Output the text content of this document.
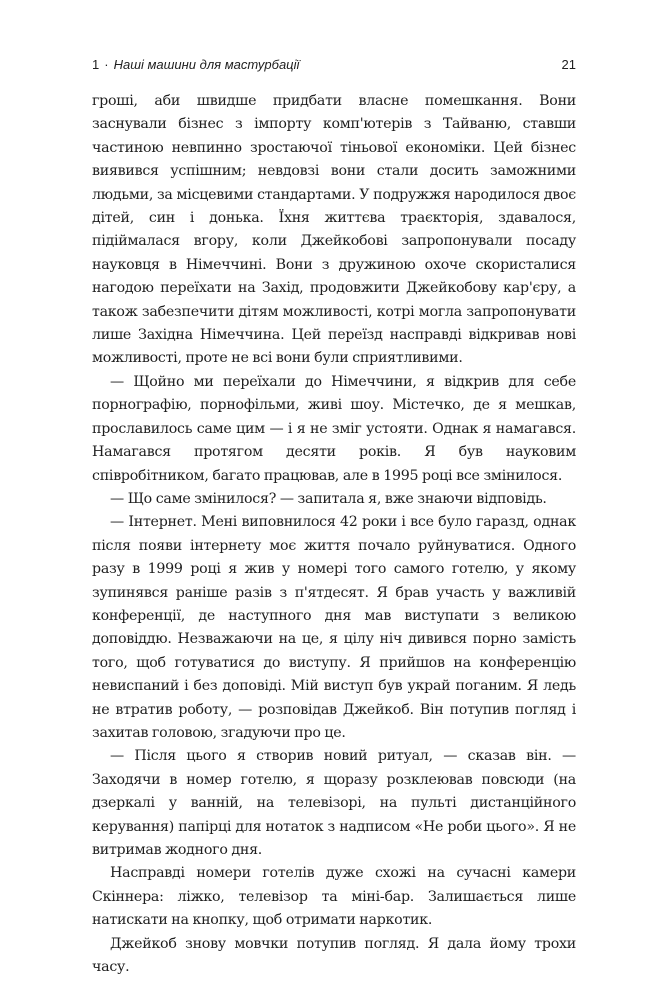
1 · Наші машини для мастурбації	21

гроші, аби швидше придбати власне помешкання. Вони заснували бізнес з імпорту комп'ютерів з Тайваню, ставши частиною невпинно зростаючої тіньової економіки. Цей бізнес виявився успішним; невдовзі вони стали досить заможними людьми, за місцевими стандартами. У подружжя народилося двоє дітей, син і донька. Їхня життєва траєкторія, здавалося, підіймалася вгору, коли Джейкобові запропонували посаду науковця в Німеччині. Вони з дружиною охоче скористалися нагодою переїхати на Захід, продовжити Джейкобову кар'єру, а також забезпечити дітям можливості, котрі могла запропонувати лише Західна Німеччина. Цей переїзд насправді відкривав нові можливості, проте не всі вони були сприятливими.

— Щойно ми переїхали до Німеччини, я відкрив для себе порнографію, порнофільми, живі шоу. Містечко, де я мешкав, прославилось саме цим — і я не зміг устояти. Однак я намагався. Намагався протягом десяти років. Я був науковим співробітником, багато працював, але в 1995 році все змінилося.

— Що саме змінилося? — запитала я, вже знаючи відповідь.

— Інтернет. Мені виповнилося 42 роки і все було гаразд, однак після появи інтернету моє життя почало руйнуватися. Одного разу в 1999 році я жив у номері того самого готелю, у якому зупинявся раніше разів з п'ятдесят. Я брав участь у важливій конференції, де наступного дня мав виступати з великою доповіддю. Незважаючи на це, я цілу ніч дивився порно замість того, щоб готуватися до виступу. Я прийшов на конференцію невиспаний і без доповіді. Мій виступ був украй поганим. Я ледь не втратив роботу, — розповідав Джейкоб. Він потупив погляд і захитав головою, згадуючи про це.

— Після цього я створив новий ритуал, — сказав він. — Заходячи в номер готелю, я щоразу розклеював повсюди (на дзеркалі у ванній, на телевізорі, на пульті дистанційного керування) папірці для нотаток з надписом «Не роби цього». Я не витримав жодного дня.

Насправді номери готелів дуже схожі на сучасні камери Скіннера: ліжко, телевізор та міні-бар. Залишається лише натискати на кнопку, щоб отримати наркотик.

Джейкоб знову мовчки потупив погляд. Я дала йому трохи часу.
